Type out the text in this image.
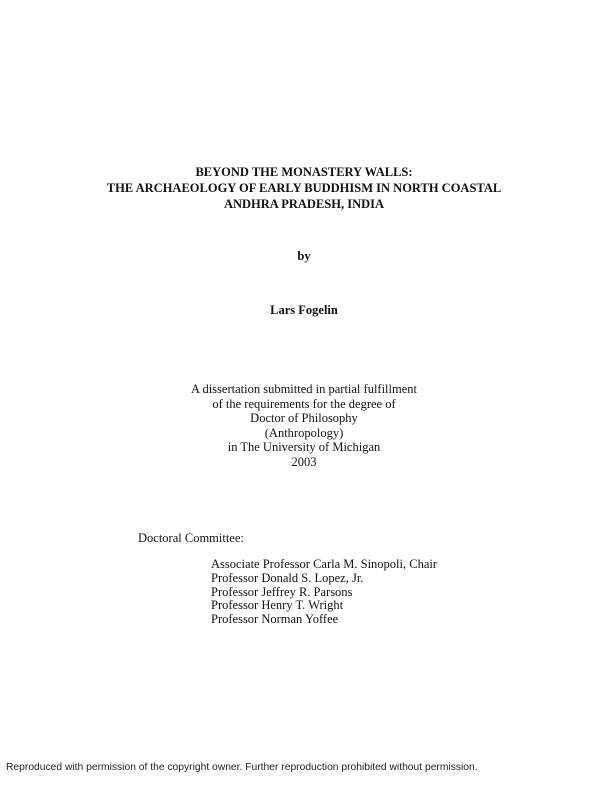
BEYOND THE MONASTERY WALLS:
THE ARCHAEOLOGY OF EARLY BUDDHISM IN NORTH COASTAL
ANDHRA PRADESH, INDIA
by
Lars Fogelin
A dissertation submitted in partial fulfillment
of the requirements for the degree of
Doctor of Philosophy
(Anthropology)
in The University of Michigan
2003
Doctoral Committee:
Associate Professor Carla M. Sinopoli, Chair
Professor Donald S. Lopez, Jr.
Professor Jeffrey R. Parsons
Professor Henry T. Wright
Professor Norman Yoffee
Reproduced with permission of the copyright owner. Further reproduction prohibited without permission.
